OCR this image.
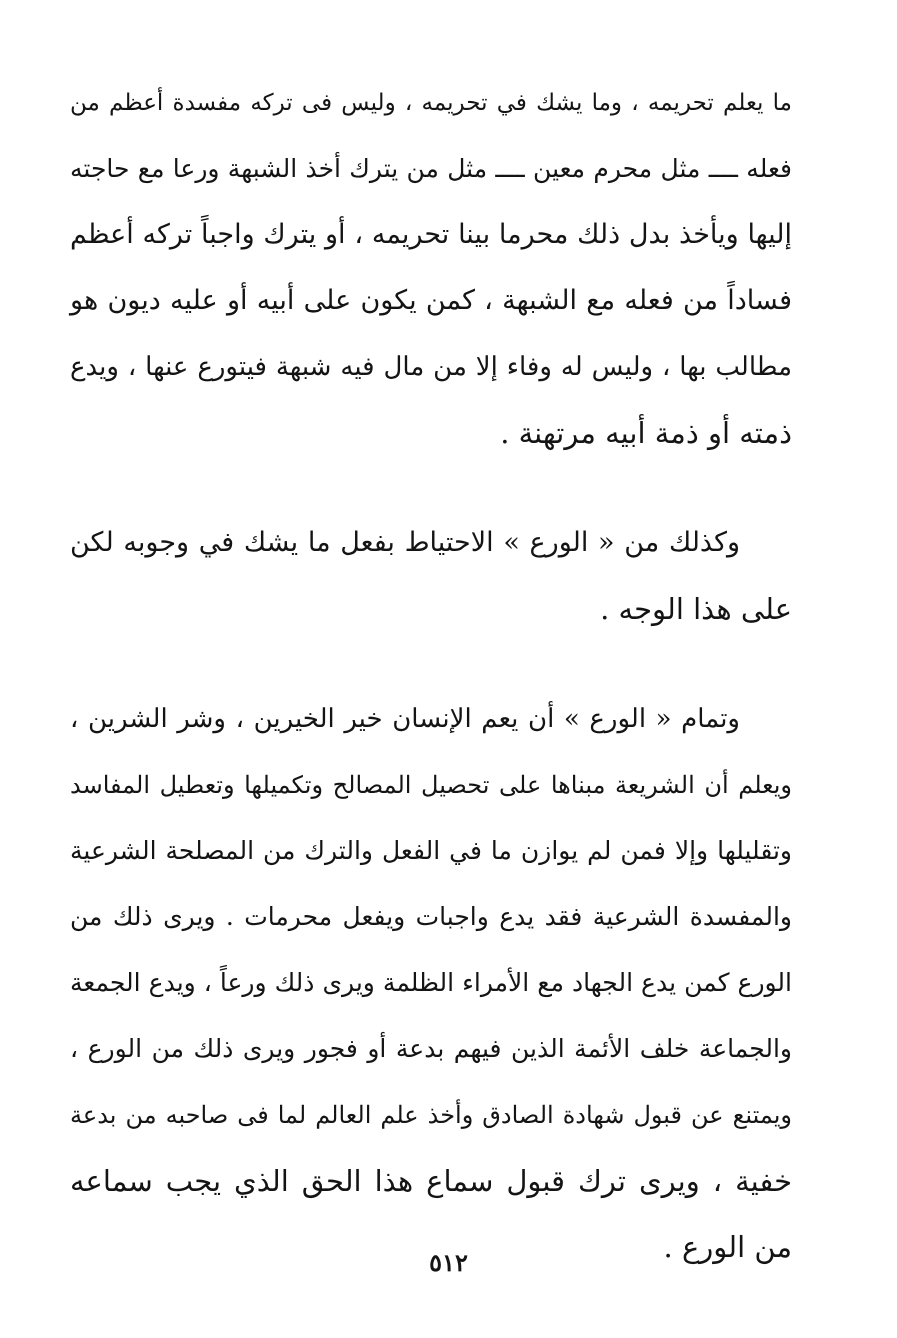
ما يعلم تحريمه ، وما يشك في تحريمه ، وليس فى تركه مفسدة أعظم من
فعله ــــ مثل محرم معين ــــ مثل من يترك أخذ الشبهة ورعا مع حاجته
إليها ويأخذ بدل ذلك محرما بينا تحريمه ، أو يترك واجباً تركه أعظم
فساداً من فعله مع الشبهة ، كمن يكون على أبيه أو عليه ديون هو
مطالب بها ، وليس له وفاء إلا من مال فيه شبهة فيتورع عنها ، ويدع
ذمته أو ذمة أبيه مرتهنة .

وكذلك من « الورع » الاحتياط بفعل ما يشك في وجوبه لكن
على هذا الوجه .

وتمام « الورع » أن يعم الإنسان خير الخيرين ، وشر الشرين ،
ويعلم أن الشريعة مبناها على تحصيل المصالح وتكميلها وتعطيل المفاسد
وتقليلها وإلا فمن لم يوازن ما في الفعل والترك من المصلحة الشرعية
والمفسدة الشرعية فقد يدع واجبات ويفعل محرمات . ويرى ذلك من
الورع كمن يدع الجهاد مع الأمراء الظلمة ويرى ذلك ورعاً ، ويدع الجمعة
والجماعة خلف الأئمة الذين فيهم بدعة أو فجور ويرى ذلك من الورع ،
ويمتنع عن قبول شهادة الصادق وأخذ علم العالم لما فى صاحبه من بدعة
خفية ، ويرى ترك قبول سماع هذا الحق الذي يجب سماعه
من الورع .

٥١٢
